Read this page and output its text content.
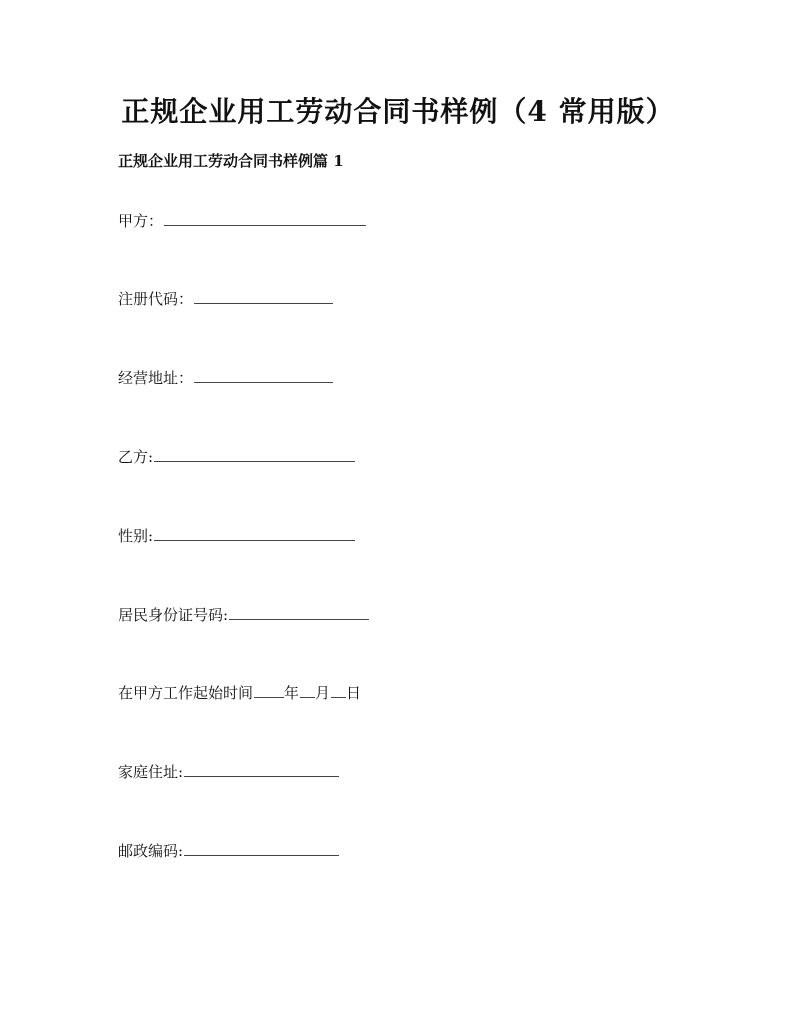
正规企业用工劳动合同书样例（4 常用版）
正规企业用工劳动合同书样例篇 1
甲方：
注册代码：
经营地址：
乙方:
性别:
居民身份证号码:
在甲方工作起始时间 年 月 日
家庭住址:
邮政编码:
